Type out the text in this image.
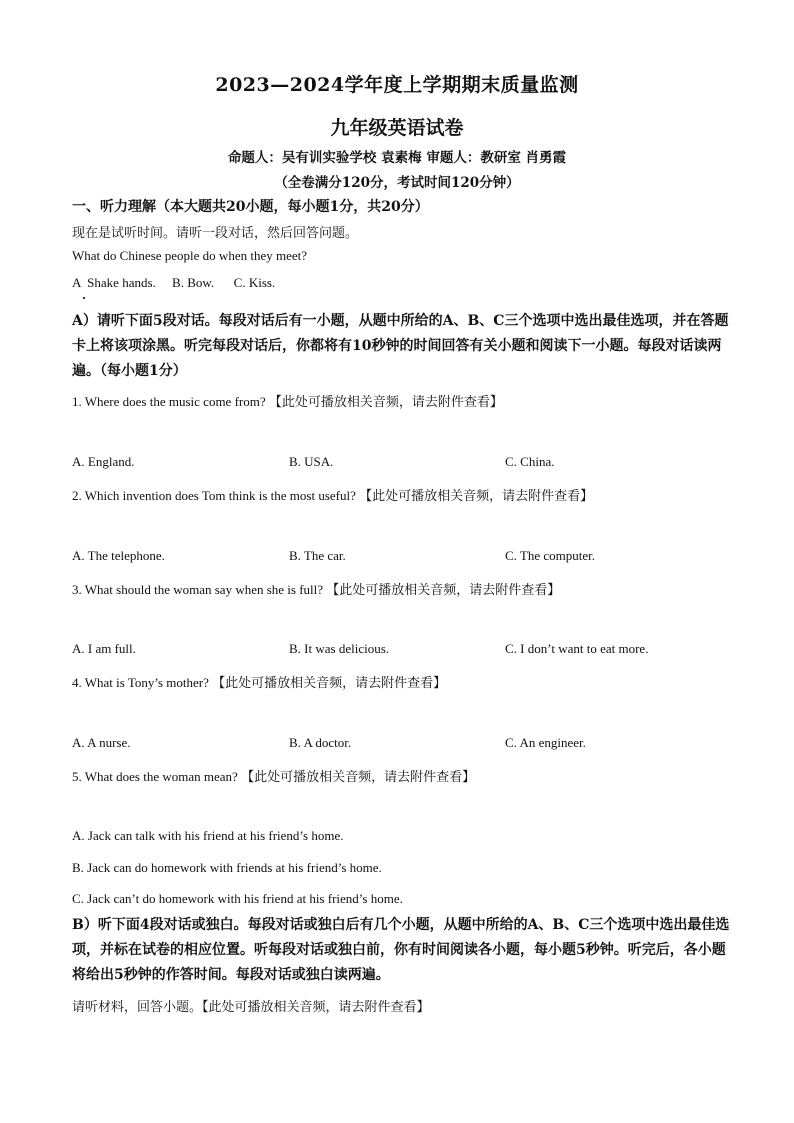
2023—2024学年度上学期期末质量监测
九年级英语试卷
命题人：吴有训实验学校 袁素梅 审题人：教研室 肖勇霞
（全卷满分120分，考试时间120分钟）
一、听力理解（本大题共20小题，每小题1分，共20分）
现在是试听时间。请听一段对话，然后回答问题。
What do Chinese people do when they meet?
A  Shake hands.     B. Bow.      C. Kiss.
A）请听下面5段对话。每段对话后有一小题，从题中所给的A、B、C三个选项中选出最佳选项，并在答题卡上将该项涂黑。听完每段对话后，你都将有10秒钟的时间回答有关小题和阅读下一小题。每段对话读两遍。（每小题1分）
1. Where does the music come from? 【此处可播放相关音频，请去附件查看】
A. England.	B. USA.	C. China.
2. Which invention does Tom think is the most useful? 【此处可播放相关音频，请去附件查看】
A. The telephone.	B. The car.	C. The computer.
3. What should the woman say when she is full? 【此处可播放相关音频，请去附件查看】
A. I am full.	B. It was delicious.	C. I don’t want to eat more.
4. What is Tony’s mother? 【此处可播放相关音频，请去附件查看】
A. A nurse.	B. A doctor.	C. An engineer.
5. What does the woman mean? 【此处可播放相关音频，请去附件查看】
A. Jack can talk with his friend at his friend’s home.
B. Jack can do homework with friends at his friend’s home.
C. Jack can’t do homework with his friend at his friend’s home.
B）听下面4段对话或独白。每段对话或独白后有几个小题，从题中所给的A、B、C三个选项中选出最佳选项，并标在试卷的相应位置。听每段对话或独白前，你有时间阅读各小题，每小题5秒钟。听完后，各小题将给出5秒钟的作答时间。每段对话或独白读两遍。
请听材料，回答小题。【此处可播放相关音频，请去附件查看】
